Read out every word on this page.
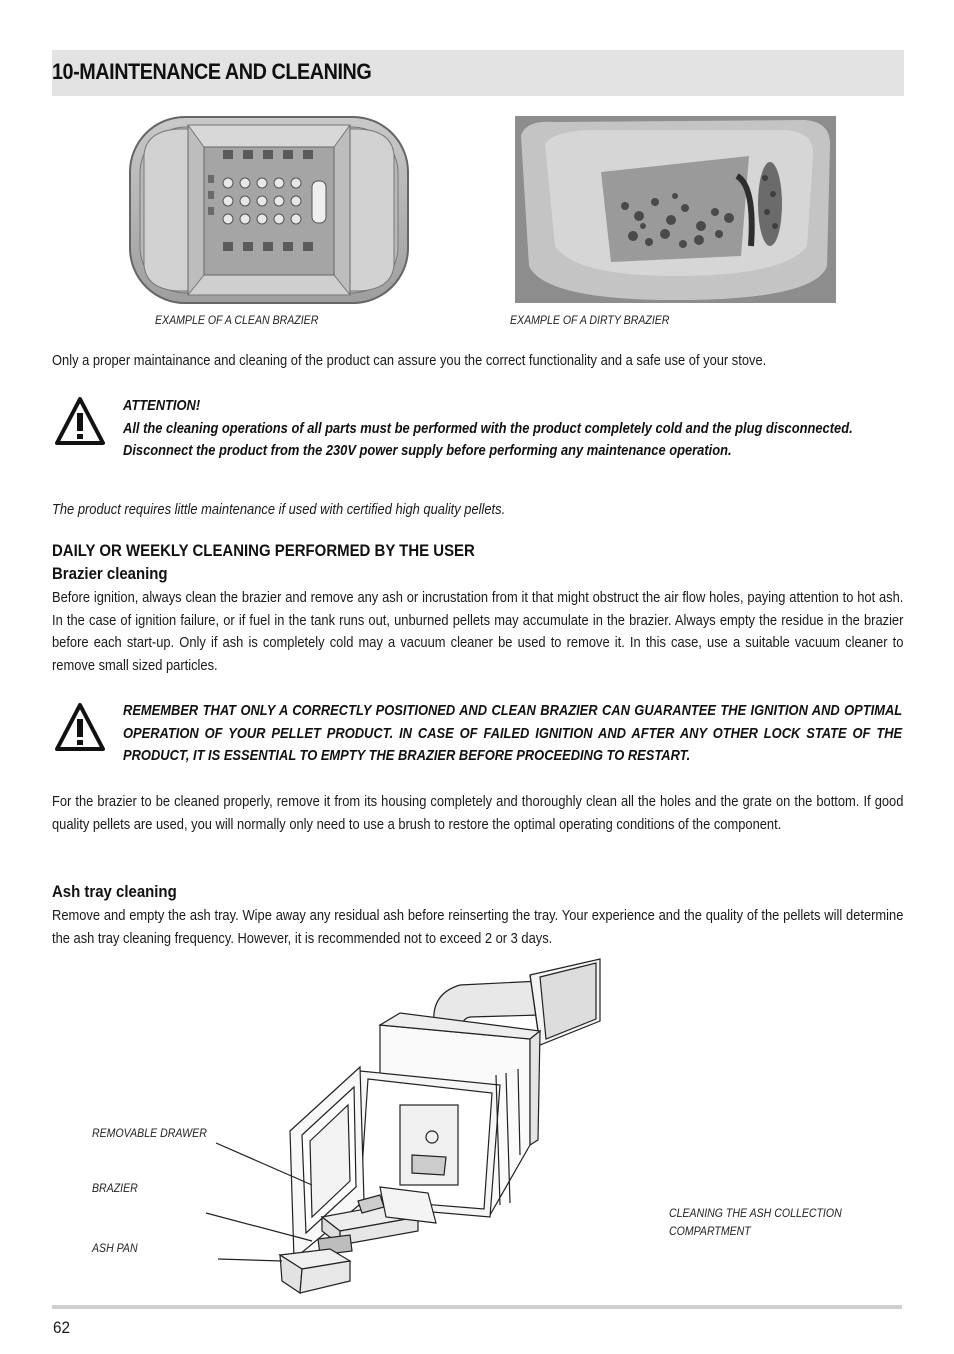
10-MAINTENANCE AND CLEANING
EXAMPLE OF A CLEAN BRAZIER	EXAMPLE OF A DIRTY BRAZIER
Only a proper maintainance and cleaning of the product can assure you the correct functionality and a safe use of your stove.
ATTENTION!
All the cleaning operations of all parts must be performed with the product completely cold and the plug disconnected.
Disconnect the product from the 230V power supply before performing any maintenance operation.
The product requires little maintenance if used with certified high quality pellets.
DAILY OR WEEKLY CLEANING PERFORMED BY THE USER
Brazier cleaning
Before ignition, always clean the brazier and remove any ash or incrustation from it that might obstruct the air flow holes, paying attention to hot ash. In the case of ignition failure, or if fuel in the tank runs out, unburned pellets may accumulate in the brazier. Always empty the residue in the brazier before each start-up. Only if ash is completely cold may a vacuum cleaner be used to remove it. In this case, use a suitable vacuum cleaner to remove small sized particles.
REMEMBER THAT ONLY A CORRECTLY POSITIONED AND CLEAN BRAZIER CAN GUARANTEE THE IGNITION AND OPTIMAL OPERATION OF YOUR PELLET PRODUCT. IN CASE OF FAILED IGNITION AND AFTER ANY OTHER LOCK STATE OF THE PRODUCT, IT IS ESSENTIAL TO EMPTY THE BRAZIER BEFORE PROCEEDING TO RESTART.
For the brazier to be cleaned properly, remove it from its housing completely and thoroughly clean all the holes and the grate on the bottom. If good quality pellets are used, you will normally only need to use a brush to restore the optimal operating conditions of the component.
Ash tray cleaning
Remove and empty the ash tray. Wipe away any residual ash before reinserting the tray. Your experience and the quality of the pellets will determine the ash tray cleaning frequency. However, it is recommended not to exceed 2 or 3 days.
REMOVABLE DRAWER
BRAZIER
ASH PAN
CLEANING THE ASH COLLECTION
COMPARTMENT
62
